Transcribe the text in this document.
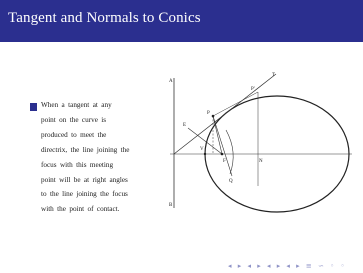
Tangent and Normals to Conics
When a tangent at any
point on the curve is
produced to meet the
directrix, the line joining the
focus with this meeting
point will be at right angles
to the line joining the focus
with the point of contact.
A
B
V
P'
P
E
F
T
Q
N
◂ ▸ ◂ ▸ ◂ ▸ ◂ ▸ ≡ ∽ ◦ ◦
